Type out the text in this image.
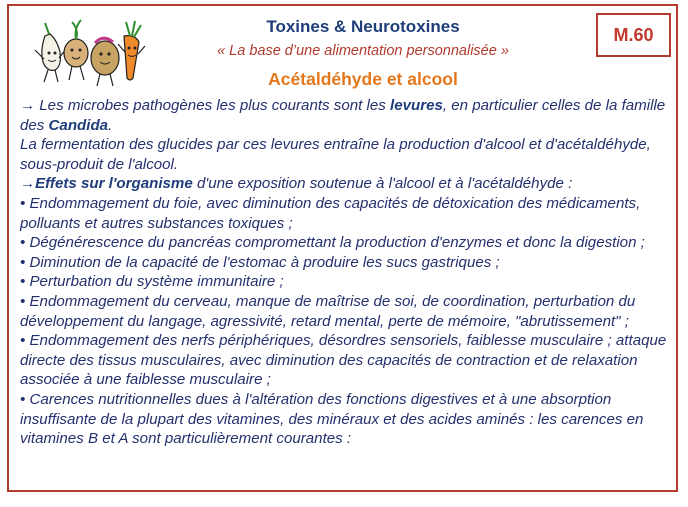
Toxines & Neurotoxines
« La base d’une alimentation personnalisée »
Acétaldéhyde et alcool
M.60

→ Les microbes pathogènes les plus courants sont les levures, en particulier celles de la famille des Candida.

La fermentation des glucides par ces levures entraîne la production d'alcool et d'acétaldéhyde, sous-produit de l'alcool.

→Effets sur l'organisme d'une exposition soutenue à l'alcool et à l'acétaldéhyde :

• Endommagement du foie, avec diminution des capacités de détoxication des médicaments, polluants et autres substances toxiques ;

• Dégénérescence du pancréas compromettant la production d'enzymes et donc la digestion ;

• Diminution de la capacité de l'estomac à produire les sucs gastriques ;

• Perturbation du système immunitaire ;

• Endommagement du cerveau, manque de maîtrise de soi, de coordination, perturbation du développement du langage, agressivité, retard mental, perte de mémoire, "abrutissement" ;

• Endommagement des nerfs périphériques, désordres sensoriels, faiblesse musculaire ; attaque directe des tissus musculaires, avec diminution des capacités de contraction et de relaxation associée à une faiblesse musculaire ;

• Carences nutritionnelles dues à l'altération des fonctions digestives et à une absorption insuffisante de la plupart des vitamines, des minéraux et des acides aminés : les carences en vitamines B et A sont particulièrement courantes :
